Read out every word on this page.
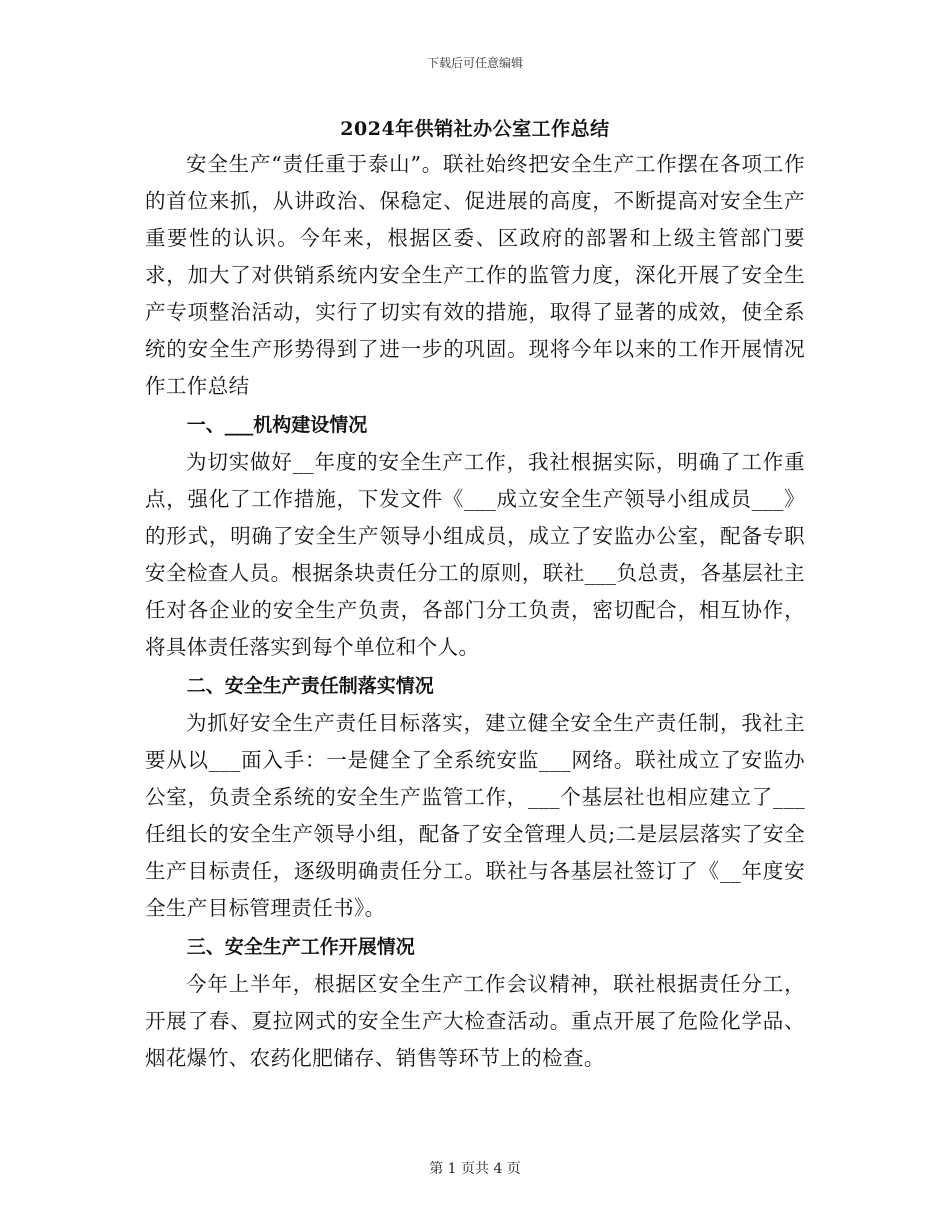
下载后可任意编辑
2024年供销社办公室工作总结

安全生产“责任重于泰山”。联社始终把安全生产工作摆在各项工作的首位来抓，从讲政治、保稳定、促进展的高度，不断提高对安全生产重要性的认识。今年来，根据区委、区政府的部署和上级主管部门要求，加大了对供销系统内安全生产工作的监管力度，深化开展了安全生产专项整治活动，实行了切实有效的措施，取得了显著的成效，使全系统的安全生产形势得到了进一步的巩固。现将今年以来的工作开展情况作工作总结

一、___机构建设情况

为切实做好__年度的安全生产工作，我社根据实际，明确了工作重点，强化了工作措施，下发文件《___成立安全生产领导小组成员___》的形式，明确了安全生产领导小组成员，成立了安监办公室，配备专职安全检查人员。根据条块责任分工的原则，联社___负总责，各基层社主任对各企业的安全生产负责，各部门分工负责，密切配合，相互协作，将具体责任落实到每个单位和个人。

二、安全生产责任制落实情况

为抓好安全生产责任目标落实，建立健全安全生产责任制，我社主要从以___面入手：一是健全了全系统安监___网络。联社成立了安监办公室，负责全系统的安全生产监管工作，___个基层社也相应建立了___任组长的安全生产领导小组，配备了安全管理人员;二是层层落实了安全生产目标责任，逐级明确责任分工。联社与各基层社签订了《__年度安全生产目标管理责任书》。

三、安全生产工作开展情况

今年上半年，根据区安全生产工作会议精神，联社根据责任分工，开展了春、夏拉网式的安全生产大检查活动。重点开展了危险化学品、烟花爆竹、农药化肥储存、销售等环节上的检查。

第 1 页共 4 页
